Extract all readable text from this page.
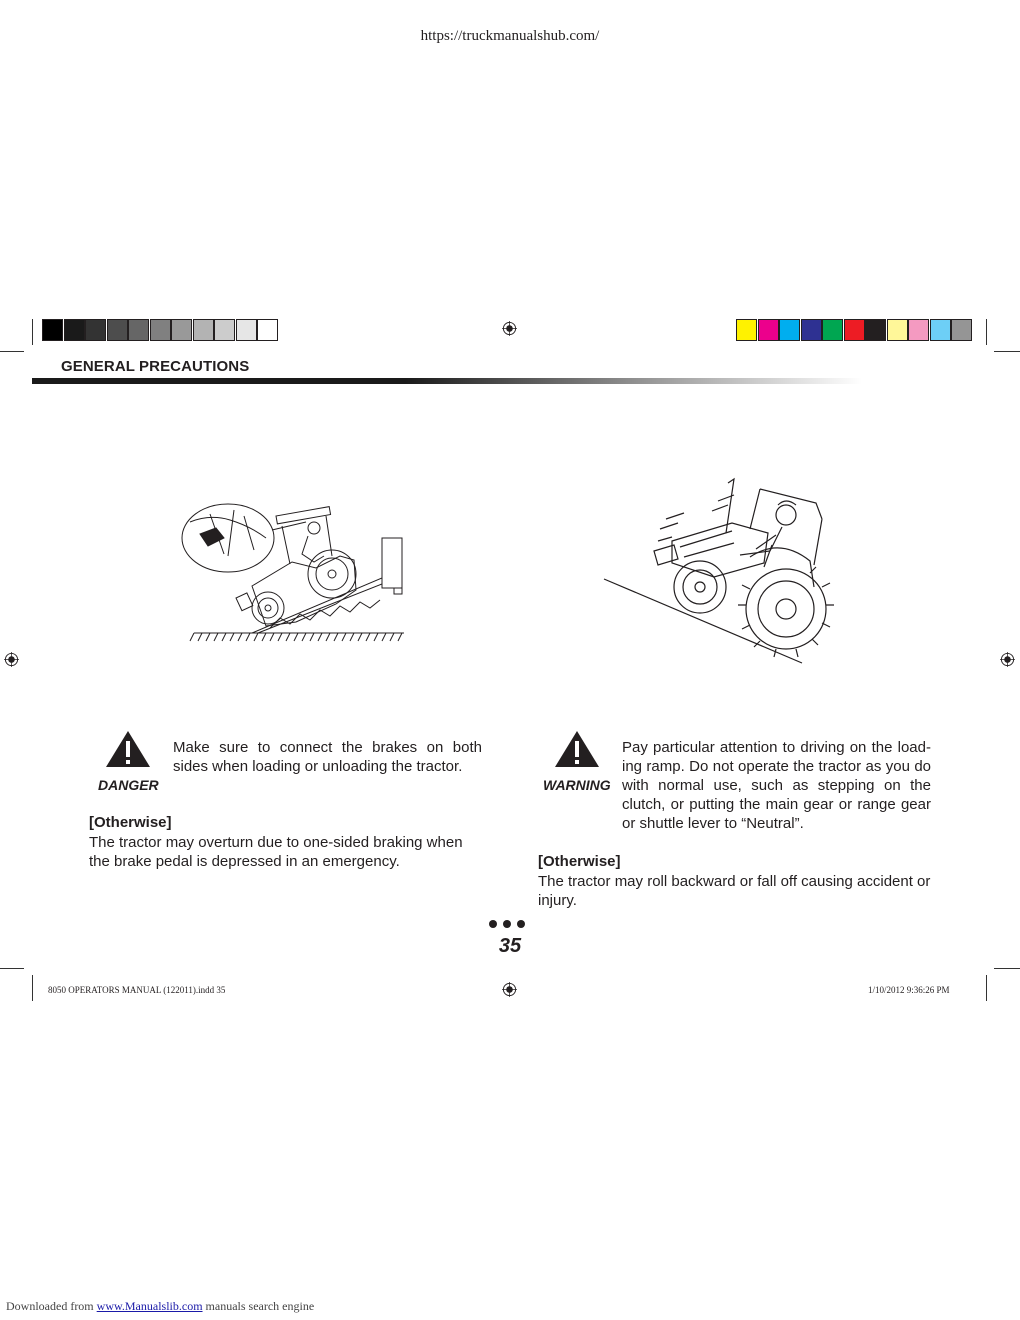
https://truckmanualshub.com/
GENERAL PRECAUTIONS
DANGER
Make sure to connect the brakes on both sides when loading or unloading the tractor.
[Otherwise]
The tractor may overturn due to one-sided braking when the brake pedal is depressed in an emergency.
WARNING
Pay particular attention to driving on the load-ing ramp. Do not operate the tractor as you do with normal use, such as stepping on the clutch, or putting the main gear or range gear or shuttle lever to “Neutral”.
[Otherwise]
The tractor may roll backward or fall off causing accident or injury.
35
8050 OPERATORS MANUAL (122011).indd 35	1/10/2012 9:36:26 PM
Downloaded from www.Manualslib.com manuals search engine
